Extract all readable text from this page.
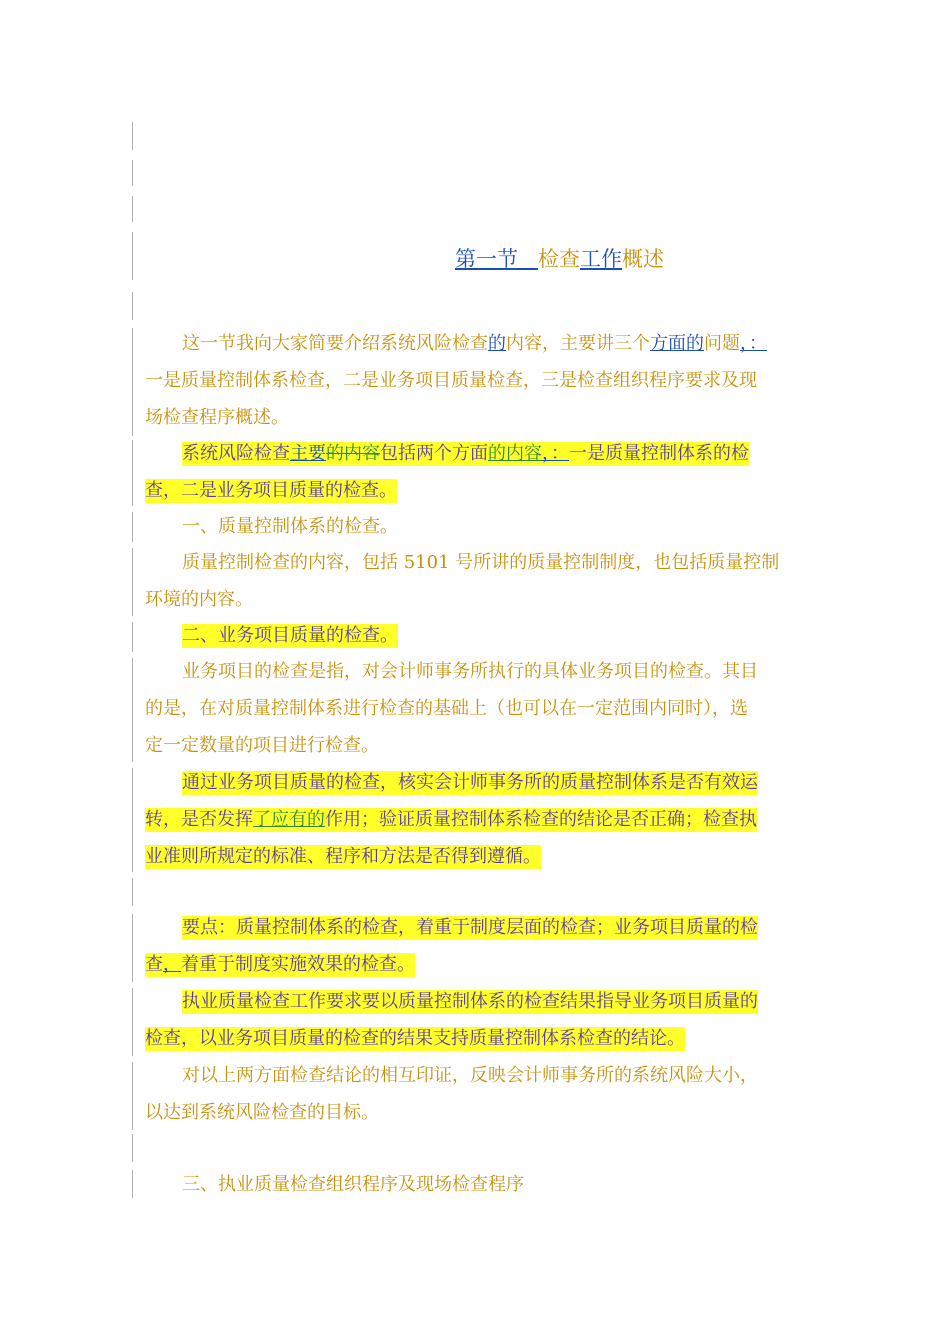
第一节 检查工作概述
这一节我向大家简要介绍系统风险检查的内容，主要讲三个方面的问题，：
一是质量控制体系检查，二是业务项目质量检查，三是检查组织程序要求及现
场检查程序概述。
系统风险检查主要的内容包括两个方面的内容，：一是质量控制体系的检
查，二是业务项目质量的检查。
一、质量控制体系的检查。
质量控制检查的内容，包括 5101 号所讲的质量控制制度，也包括质量控制
环境的内容。
二、业务项目质量的检查。
业务项目的检查是指，对会计师事务所执行的具体业务项目的检查。其目
的是，在对质量控制体系进行检查的基础上（也可以在一定范围内同时），选
定一定数量的项目进行检查。
通过业务项目质量的检查，核实会计师事务所的质量控制体系是否有效运
转，是否发挥了应有的作用；验证质量控制体系检查的结论是否正确；检查执
业准则所规定的标准、程序和方法是否得到遵循。
要点：质量控制体系的检查，着重于制度层面的检查；业务项目质量的检
查，着重于制度实施效果的检查。
执业质量检查工作要求要以质量控制体系的检查结果指导业务项目质量的
检查，以业务项目质量的检查的结果支持质量控制体系检查的结论。
对以上两方面检查结论的相互印证，反映会计师事务所的系统风险大小，
以达到系统风险检查的目标。
三、执业质量检查组织程序及现场检查程序
